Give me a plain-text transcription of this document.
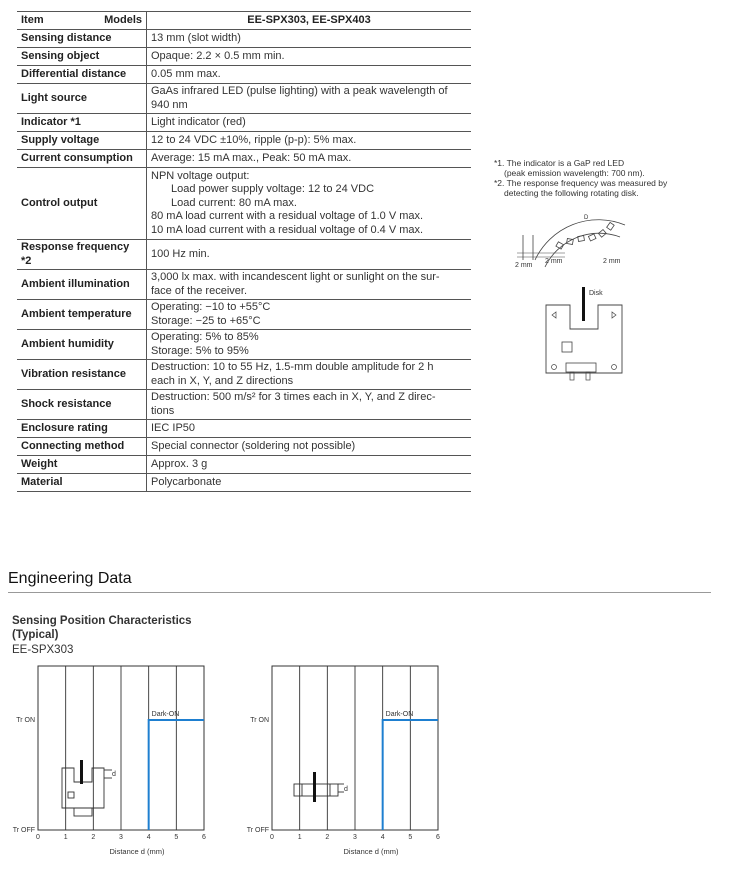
Item Models	EE-SPX303, EE-SPX403
Sensing distance	13 mm (slot width)

Sensing object	Opaque: 2.2 × 0.5 mm min.

Differential distance	0.05 mm max.

Light source	GaAs infrared LED (pulse lighting) with a peak wavelength of
940 nm

Indicator *1	Light indicator (red)

Supply voltage	12 to 24 VDC ±10%, ripple (p-p): 5% max.

Current consumption	Average: 15 mA max., Peak: 50 mA max.

Control output	NPN voltage output:
Load power supply voltage: 12 to 24 VDC
Load current: 80 mA max.
80 mA load current with a residual voltage of 1.0 V max.
10 mA load current with a residual voltage of 0.4 V max.

Response frequency *2	100 Hz min.

Ambient illumination	3,000 lx max. with incandescent light or sunlight on the sur-
face of the receiver.

Ambient temperature	Operating: −10 to +55°C
Storage: −25 to +65°C

Ambient humidity	Operating: 5% to 85%
Storage: 5% to 95%

Vibration resistance	Destruction: 10 to 55 Hz, 1.5-mm double amplitude for 2 h
each in X, Y, and Z directions

Shock resistance	Destruction: 500 m/s² for 3 times each in X, Y, and Z direc-
tions

Enclosure rating	IEC IP50

Connecting method	Special connector (soldering not possible)

Weight	Approx. 3 g

Material	Polycarbonate
*1. The indicator is a GaP red LED
(peak emission wavelength: 700 nm).
*2. The response frequency was measured by
detecting the following rotating disk.
D
2 mm
2 mm	2 mm
Disk
Engineering Data
Sensing Position Characteristics
(Typical)
EE-SPX303
0	1	2	3	4	5	6
Tr OFF
Tr ON
Distance d (mm)
Dark-ON
d
0	1	2	3	4	5	6
Tr OFF
Tr ON
Distance d (mm)
Dark-ON
d
